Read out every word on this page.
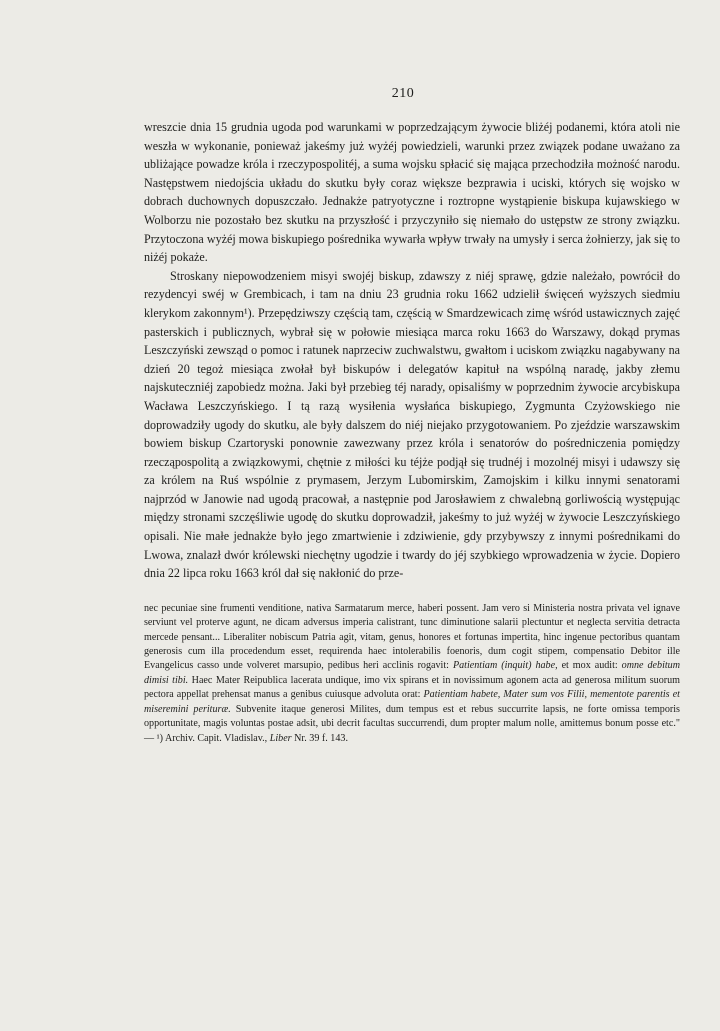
210

wreszcie dnia 15 grudnia ugoda pod warunkami w poprzedzającym żywocie bliżéj podanemi, która atoli nie weszła w wykonanie, ponieważ jakeśmy już wyżéj powiedzieli, warunki przez związek podane uważano za ubliżające powadze króla i rzeczypospolitéj, a suma wojsku spłacić się mająca przechodziła możność narodu. Następstwem niedojścia układu do skutku były coraz większe bezprawia i uciski, których się wojsko w dobrach duchownych dopuszczało. Jednakże patryotyczne i roztropne wystąpienie biskupa kujawskiego w Wolborzu nie pozostało bez skutku na przyszłość i przyczyniło się niemało do ustępstw ze strony związku. Przytoczona wyżéj mowa biskupiego pośrednika wywarła wpływ trwały na umysły i serca żołnierzy, jak się to niżéj pokaże.

Stroskany niepowodzeniem misyi swojéj biskup, zdawszy z niéj sprawę, gdzie należało, powrócił do rezydencyi swéj w Grembicach, i tam na dniu 23 grudnia roku 1662 udzielił święceń wyższych siedmiu klerykom zakonnym¹). Przepędziwszy częścią tam, częścią w Smardzewicach zimę wśród ustawicznych zajęć pasterskich i publicznych, wybrał się w połowie miesiąca marca roku 1663 do Warszawy, dokąd prymas Leszczyński zewsząd o pomoc i ratunek naprzeciw zuchwalstwu, gwałtom i uciskom związku nagabywany na dzień 20 tegoż miesiąca zwołał był biskupów i delegatów kapituł na wspólną naradę, jakby złemu najskuteczniéj zapobiedz można. Jaki był przebieg téj narady, opisaliśmy w poprzednim żywocie arcybiskupa Wacława Leszczyńskiego. I tą razą wysiłenia wysłańca biskupiego, Zygmunta Czyżowskiego nie doprowadziły ugody do skutku, ale były dalszem do niéj niejako przygotowaniem. Po zjeździe warszawskim bowiem biskup Czartoryski ponownie zawezwany przez króla i senatorów do pośredniczenia pomiędzy rzecząpospolitą a związkowymi, chętnie z miłości ku téjże podjął się trudnéj i mozolnéj misyi i udawszy się za królem na Ruś wspólnie z prymasem, Jerzym Lubomirskim, Zamojskim i kilku innymi senatorami najprzód w Janowie nad ugodą pracował, a następnie pod Jarosławiem z chwalebną gorliwością występując między stronami szczęśliwie ugodę do skutku doprowadził, jakeśmy to już wyżéj w żywocie Leszczyńskiego opisali. Nie małe jednakże było jego zmartwienie i zdziwienie, gdy przybywszy z innymi pośrednikami do Lwowa, znalazł dwór królewski niechętny ugodzie i twardy do jéj szybkiego wprowadzenia w życie. Dopiero dnia 22 lipca roku 1663 król dał się nakłonić do prze-

nec pecuniae sine frumenti venditione, nativa Sarmatarum merce, haberi possent. Jam vero si Ministeria nostra privata vel ignave serviunt vel proterve agunt, ne dicam adversus imperia calistrant, tunc diminutione salarii plectuntur et neglecta servitia detracta mercede pensant... Liberaliter nobiscum Patria agit, vitam, genus, honores et fortunas impertita, hinc ingenue pectoribus quantam generosis cum illa procedendum esset, requirenda haec intolerabilis foenoris, dum cogit stipem, compensatio Debitor ille Evangelicus casso unde volveret marsupio, pedibus heri acclinis rogavit: Patientiam (inquit) habe, et mox audit: omne debitum dimisi tibi. Haec Mater Reipublica lacerata undique, imo vix spirans et in novissimum agonem acta ad generosa militum suorum pectora appellat prehensat manus a genibus cuiusque advoluta orat: Patientiam habete, Mater sum vos Filii, mementote parentis et miseremini perituræ. Subvenite itaque generosi Milites, dum tempus est et rebus succurrite lapsis, ne forte omissa temporis opportunitate, magis voluntas postae adsit, ubi decrit facultas succurrendi, dum propter malum nolle, amittemus bonum posse etc." — ¹) Archiv. Capit. Vladislav., Liber Nr. 39 f. 143.
